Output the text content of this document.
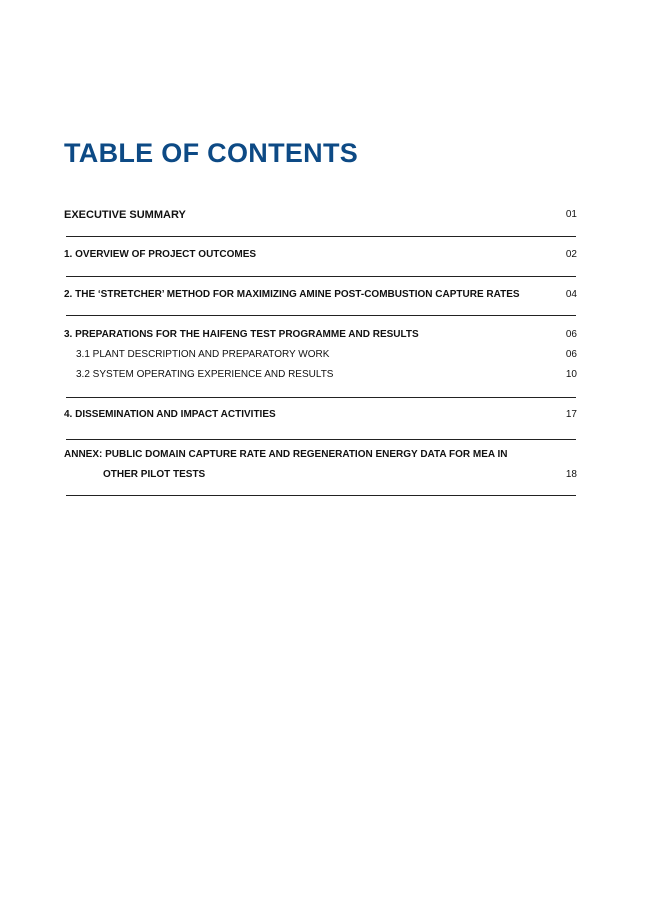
TABLE OF CONTENTS
EXECUTIVE SUMMARY	01
1. OVERVIEW OF PROJECT OUTCOMES	02
2. THE ‘STRETCHER’ METHOD FOR MAXIMIZING AMINE POST-COMBUSTION CAPTURE RATES	04
3. PREPARATIONS FOR THE HAIFENG TEST PROGRAMME AND RESULTS	06
3.1 PLANT DESCRIPTION AND PREPARATORY WORK	06
3.2 SYSTEM OPERATING EXPERIENCE AND RESULTS	10
4. DISSEMINATION AND IMPACT ACTIVITIES	17
ANNEX: PUBLIC DOMAIN CAPTURE RATE AND REGENERATION ENERGY DATA FOR MEA IN
OTHER PILOT TESTS	18
